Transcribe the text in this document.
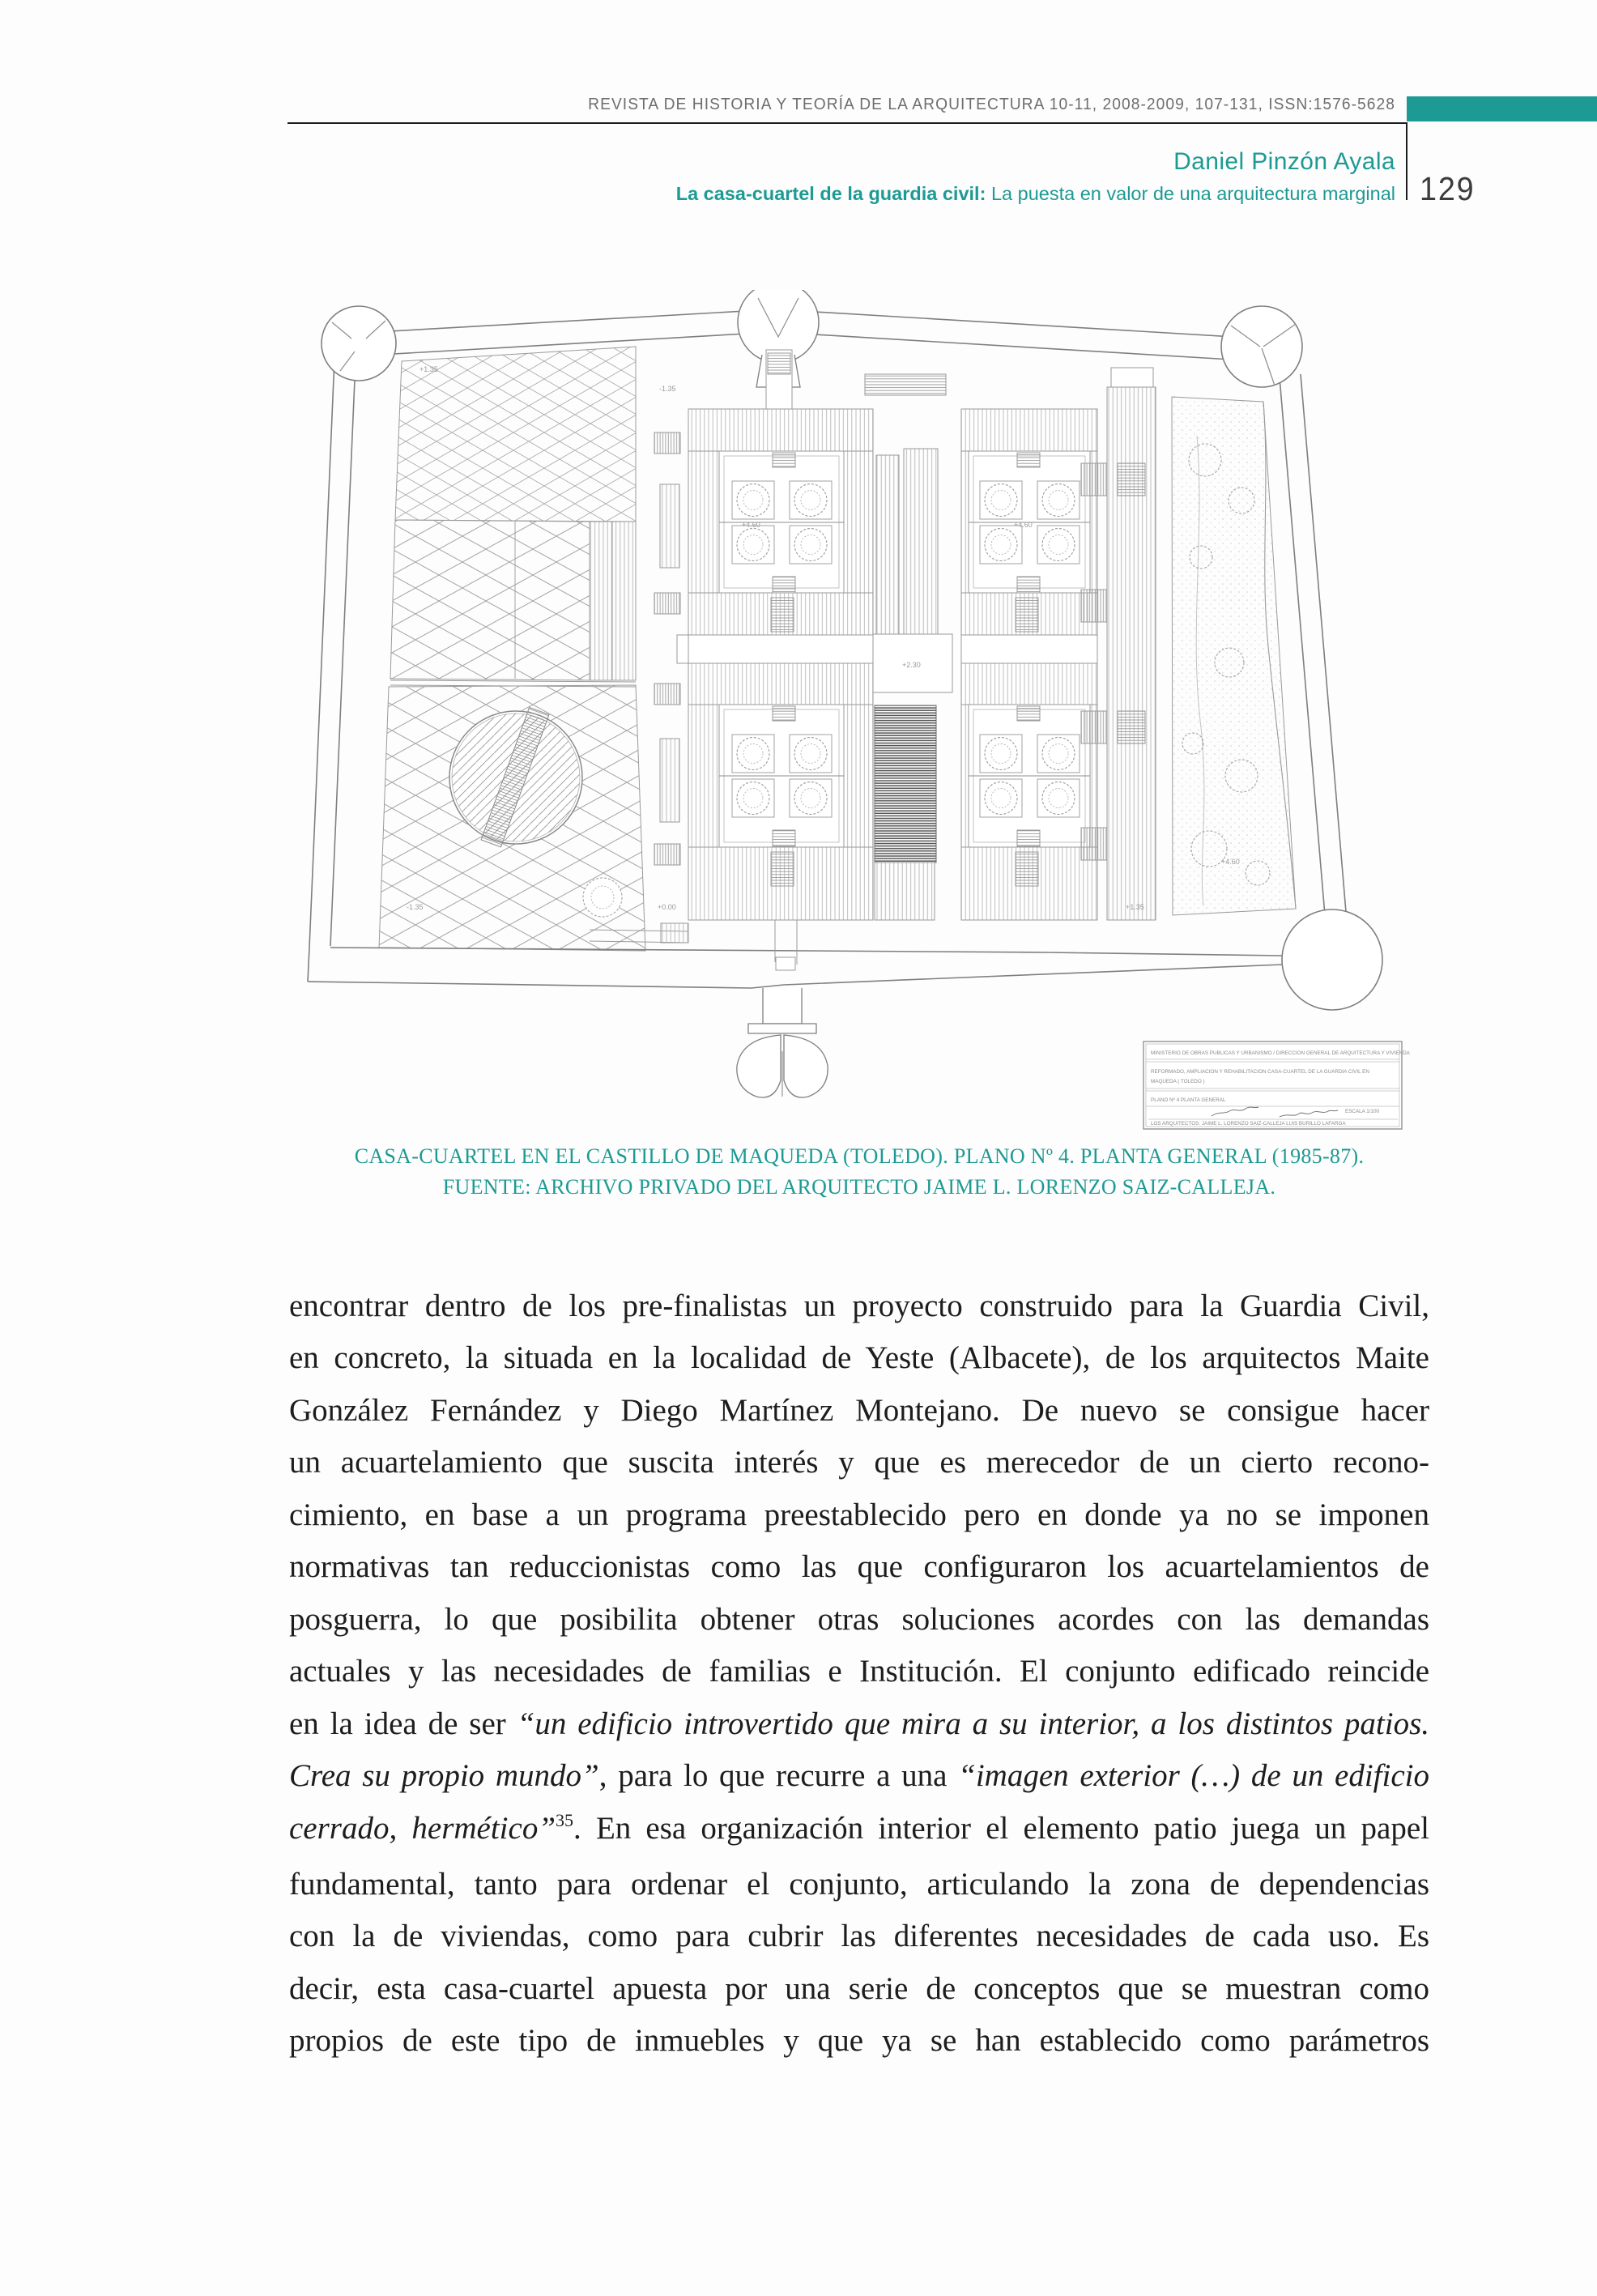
REVISTA DE HISTORIA Y TEORÍA DE LA ARQUITECTURA 10-11, 2008-2009, 107-131, ISSN:1576-5628
Daniel Pinzón Ayala
La casa-cuartel de la guardia civil: La puesta en valor de una arquitectura marginal 129
+1.35
-1.35
+4.60	+4.60
+2.30
-1.35	+0.00	+1.35
+4.60
MINISTERIO DE OBRAS PUBLICAS Y URBANISMO / DIRECCION GENERAL DE ARQUITECTURA Y VIVIENDA
REFORMADO, AMPLIACION Y REHABILITACION CASA-CUARTEL DE LA GUARDIA CIVIL EN
MAQUEDA ( TOLEDO )
PLANO Nº 4 PLANTA GENERAL
ESCALA 1/100
LOS ARQUITECTOS: JAIME L. LORENZO SAIZ-CALLEJA LUIS BURILLO LAFARGA
CASA-CUARTEL EN EL CASTILLO DE MAQUEDA (TOLEDO). PLANO Nº 4. PLANTA GENERAL (1985-87).
FUENTE: ARCHIVO PRIVADO DEL ARQUITECTO JAIME L. LORENZO SAIZ-CALLEJA.
encontrar dentro de los pre-finalistas un proyecto construido para la Guardia Civil,
en concreto, la situada en la localidad de Yeste (Albacete), de los arquitectos Maite
González Fernández y Diego Martínez Montejano. De nuevo se consigue hacer
un acuartelamiento que suscita interés y que es merecedor de un cierto recono-
cimiento, en base a un programa preestablecido pero en donde ya no se imponen
normativas tan reduccionistas como las que configuraron los acuartelamientos de
posguerra, lo que posibilita obtener otras soluciones acordes con las demandas
actuales y las necesidades de familias e Institución. El conjunto edificado reincide
en la idea de ser “un edificio introvertido que mira a su interior, a los distintos patios.
Crea su propio mundo”, para lo que recurre a una “imagen exterior (…) de un edificio
cerrado, hermético”$^{35}$. En esa organización interior el elemento patio juega un papel
fundamental, tanto para ordenar el conjunto, articulando la zona de dependencias
con la de viviendas, como para cubrir las diferentes necesidades de cada uso. Es
decir, esta casa-cuartel apuesta por una serie de conceptos que se muestran como
propios de este tipo de inmuebles y que ya se han establecido como parámetros
